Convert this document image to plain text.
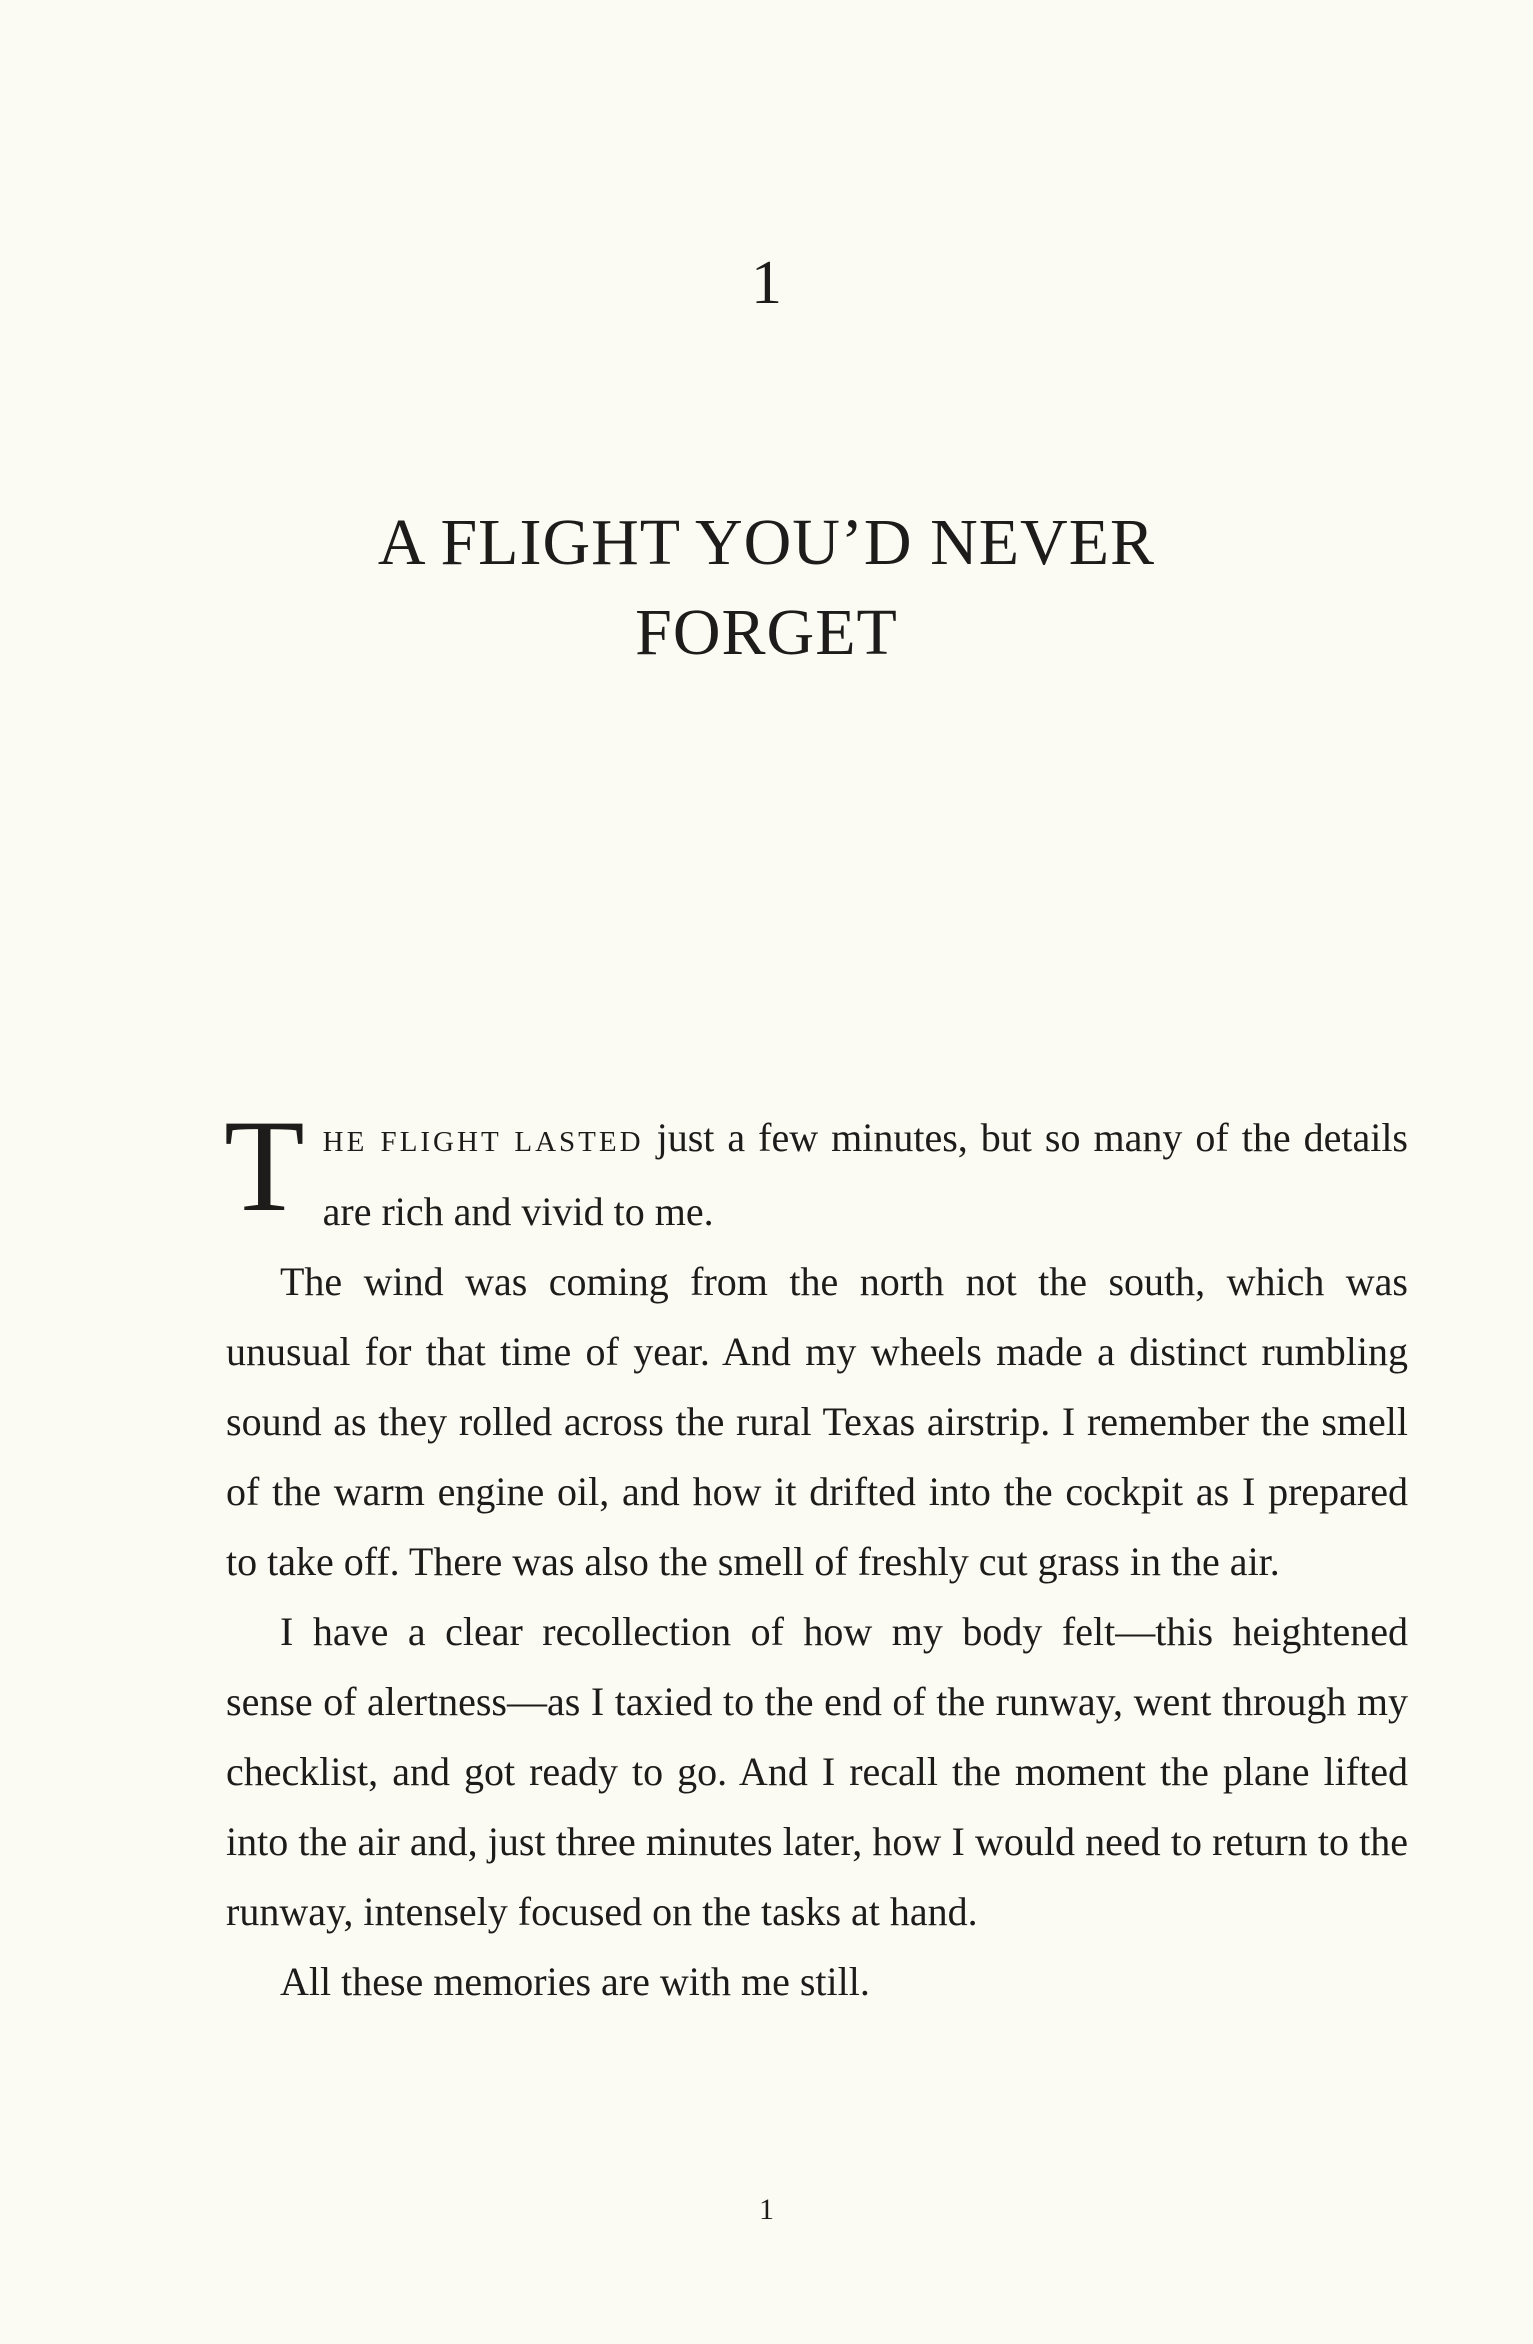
1
A FLIGHT YOU’D NEVER FORGET

THE FLIGHT LASTED just a few minutes, but so many of the details are rich and vivid to me.

The wind was coming from the north not the south, which was unusual for that time of year. And my wheels made a distinct rumbling sound as they rolled across the rural Texas airstrip. I remember the smell of the warm engine oil, and how it drifted into the cockpit as I prepared to take off. There was also the smell of freshly cut grass in the air.

I have a clear recollection of how my body felt—this heightened sense of alertness—as I taxied to the end of the runway, went through my checklist, and got ready to go. And I recall the moment the plane lifted into the air and, just three minutes later, how I would need to return to the runway, intensely focused on the tasks at hand.

All these memories are with me still.

1
